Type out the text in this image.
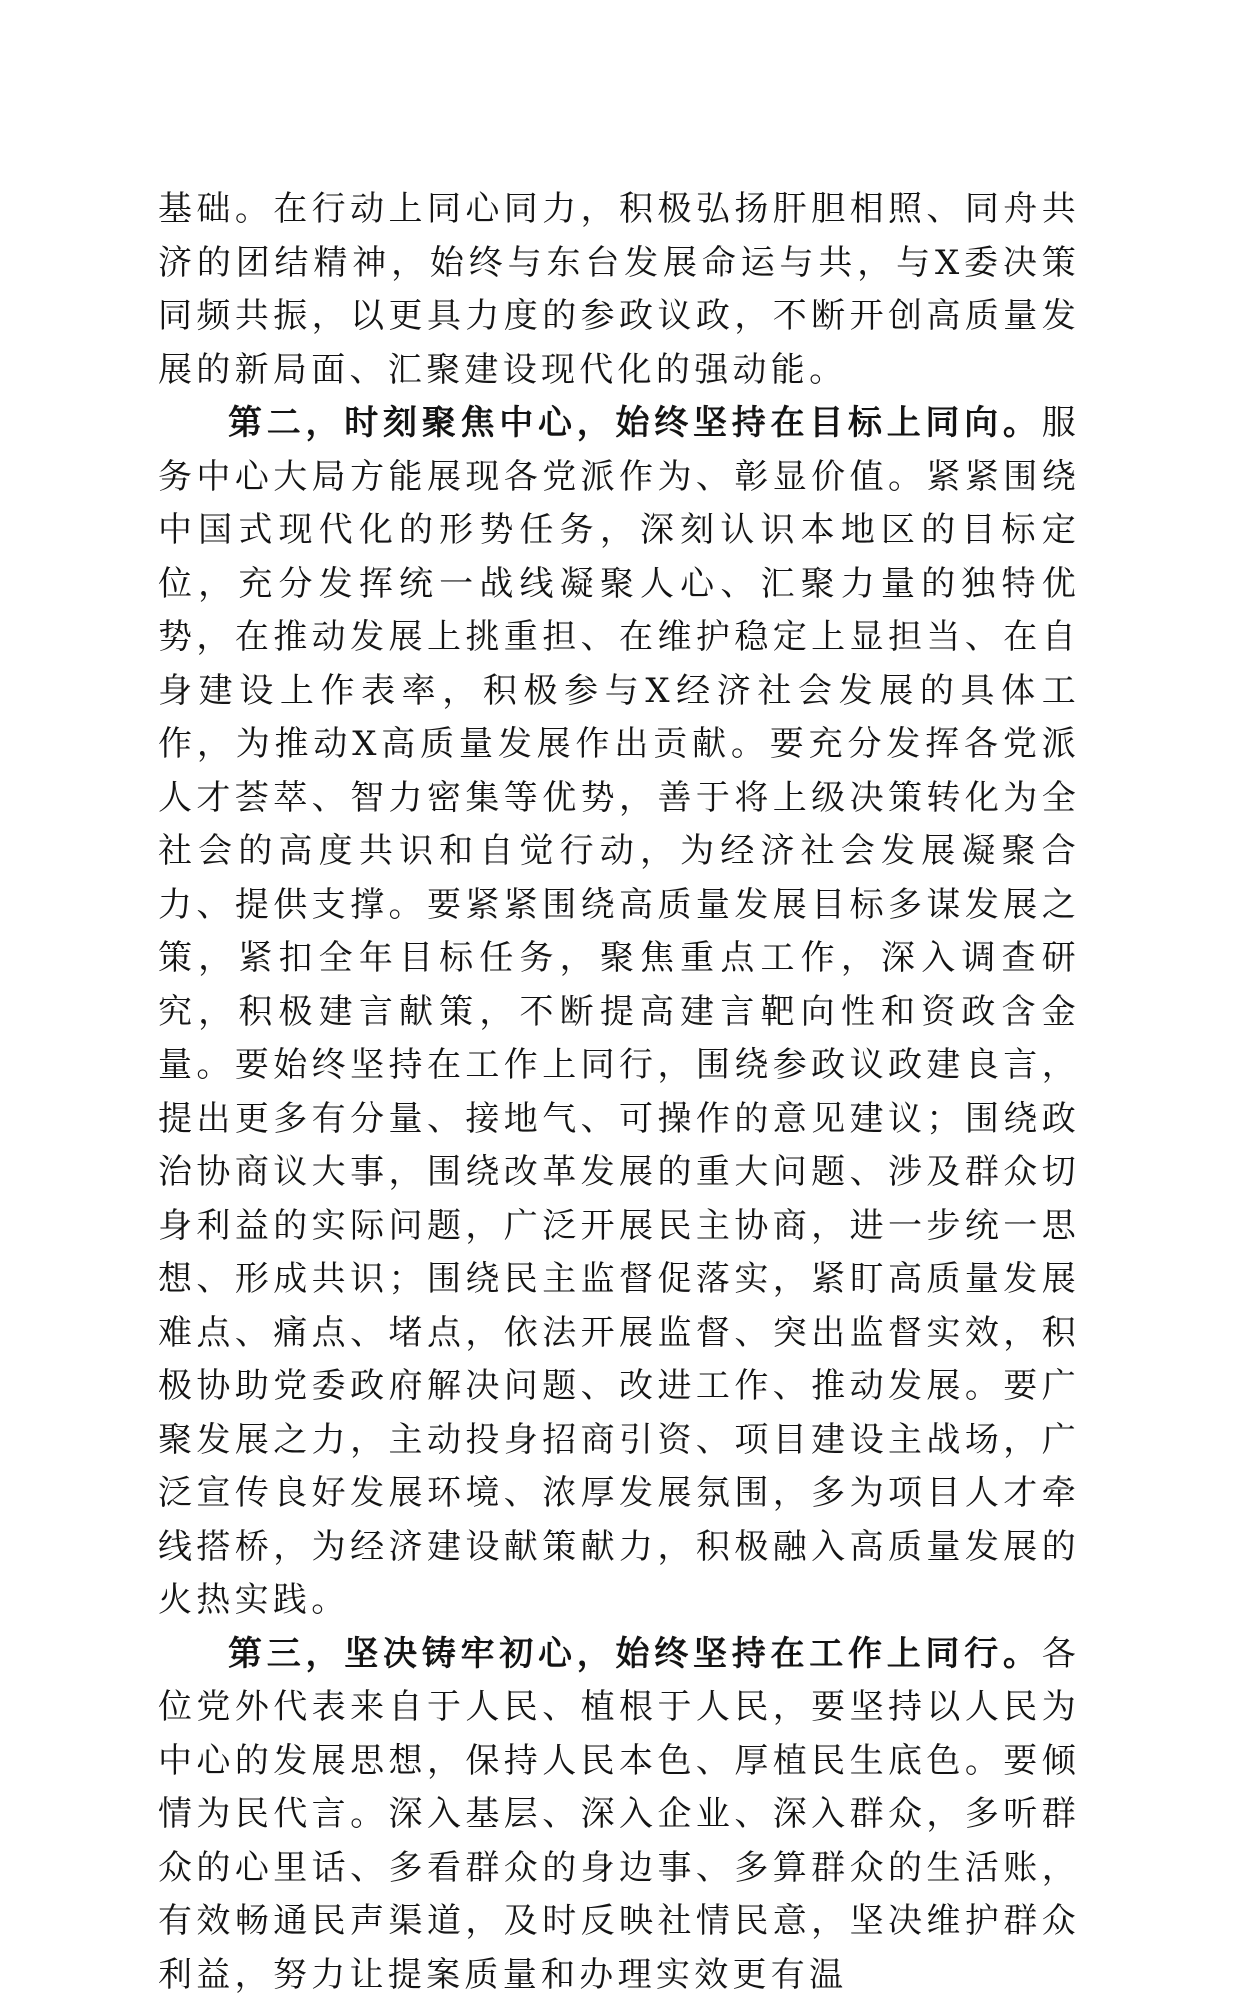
基础。在行动上同心同力，积极弘扬肝胆相照、同舟共济的团结精神，始终与东台发展命运与共，与X委决策同频共振，以更具力度的参政议政，不断开创高质量发展的新局面、汇聚建设现代化的强动能。

第二，时刻聚焦中心，始终坚持在目标上同向。服务中心大局方能展现各党派作为、彰显价值。紧紧围绕中国式现代化的形势任务，深刻认识本地区的目标定位，充分发挥统一战线凝聚人心、汇聚力量的独特优势，在推动发展上挑重担、在维护稳定上显担当、在自身建设上作表率，积极参与X经济社会发展的具体工作，为推动X高质量发展作出贡献。要充分发挥各党派人才荟萃、智力密集等优势，善于将上级决策转化为全社会的高度共识和自觉行动，为经济社会发展凝聚合力、提供支撑。要紧紧围绕高质量发展目标多谋发展之策，紧扣全年目标任务，聚焦重点工作，深入调查研究，积极建言献策，不断提高建言靶向性和资政含金量。要始终坚持在工作上同行，围绕参政议政建良言，提出更多有分量、接地气、可操作的意见建议；围绕政治协商议大事，围绕改革发展的重大问题、涉及群众切身利益的实际问题，广泛开展民主协商，进一步统一思想、形成共识；围绕民主监督促落实，紧盯高质量发展难点、痛点、堵点，依法开展监督、突出监督实效，积极协助党委政府解决问题、改进工作、推动发展。要广聚发展之力，主动投身招商引资、项目建设主战场，广泛宣传良好发展环境、浓厚发展氛围，多为项目人才牵线搭桥，为经济建设献策献力，积极融入高质量发展的火热实践。

第三，坚决铸牢初心，始终坚持在工作上同行。各位党外代表来自于人民、植根于人民，要坚持以人民为中心的发展思想，保持人民本色、厚植民生底色。要倾情为民代言。深入基层、深入企业、深入群众，多听群众的心里话、多看群众的身边事、多算群众的生活账，有效畅通民声渠道，及时反映社情民意，坚决维护群众利益，努力让提案质量和办理实效更有温
